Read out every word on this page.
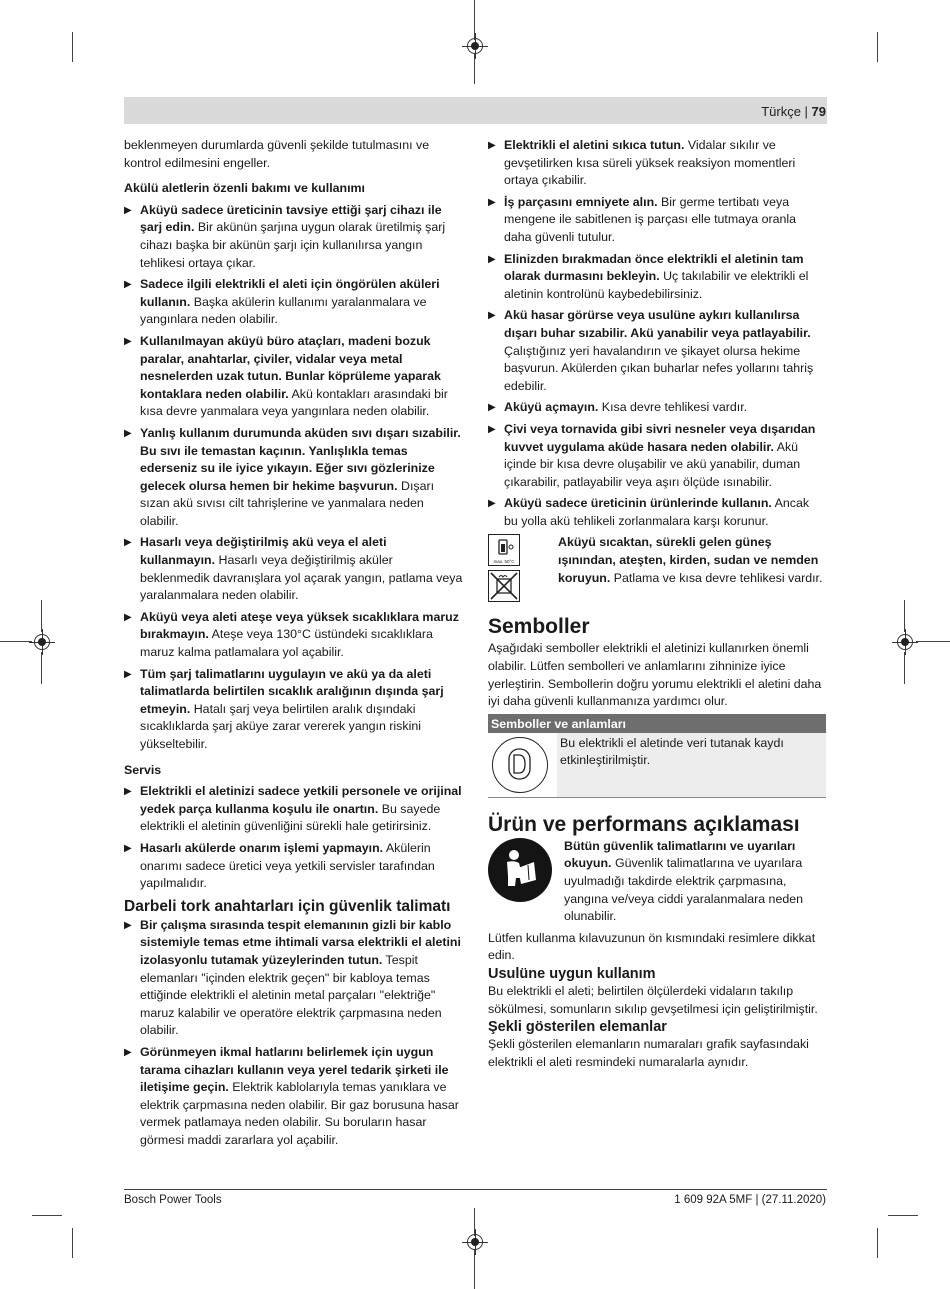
Türkçe | 79

beklenmeyen durumlarda güvenli şekilde tutulmasını ve kontrol edilmesini engeller.

Akülü aletlerin özenli bakımı ve kullanımı

▶ Aküyü sadece üreticinin tavsiye ettiği şarj cihazı ile şarj edin. Bir akünün şarjına uygun olarak üretilmiş şarj cihazı başka bir akünün şarjı için kullanılırsa yangın tehlikesi ortaya çıkar.
▶ Sadece ilgili elektrikli el aleti için öngörülen aküleri kullanın. Başka akülerin kullanımı yaralanmalara ve yangınlara neden olabilir.
▶ Kullanılmayan aküyü büro ataçları, madeni bozuk paralar, anahtarlar, çiviler, vidalar veya metal nesnelerden uzak tutun. Bunlar köprüleme yaparak kontaklara neden olabilir. Akü kontakları arasındaki bir kısa devre yanmalara veya yangınlara neden olabilir.
▶ Yanlış kullanım durumunda aküden sıvı dışarı sızabilir. Bu sıvı ile temastan kaçının. Yanlışlıkla temas ederseniz su ile iyice yıkayın. Eğer sıvı gözlerinize gelecek olursa hemen bir hekime başvurun. Dışarı sızan akü sıvısı cilt tahrişlerine ve yanmalara neden olabilir.
▶ Hasarlı veya değiştirilmiş akü veya el aleti kullanmayın. Hasarlı veya değiştirilmiş aküler beklenmedik davranışlara yol açarak yangın, patlama veya yaralanmalara neden olabilir.
▶ Aküyü veya aleti ateşe veya yüksek sıcaklıklara maruz bırakmayın. Ateşe veya 130°C üstündeki sıcaklıklara maruz kalma patlamalara yol açabilir.
▶ Tüm şarj talimatlarını uygulayın ve akü ya da aleti talimatlarda belirtilen sıcaklık aralığının dışında şarj etmeyin. Hatalı şarj veya belirtilen aralık dışındaki sıcaklıklarda şarj aküye zarar vererek yangın riskini yükseltebilir.

Servis

▶ Elektrikli el aletinizi sadece yetkili personele ve orijinal yedek parça kullanma koşulu ile onartın. Bu sayede elektrikli el aletinin güvenliğini sürekli hale getirirsiniz.
▶ Hasarlı akülerde onarım işlemi yapmayın. Akülerin onarımı sadece üretici veya yetkili servisler tarafından yapılmalıdır.

Darbeli tork anahtarları için güvenlik talimatı

▶ Bir çalışma sırasında tespit elemanının gizli bir kablo sistemiyle temas etme ihtimali varsa elektrikli el aletini izolasyonlu tutamak yüzeylerinden tutun. Tespit elemanları "içinden elektrik geçen" bir kabloya temas ettiğinde elektrikli el aletinin metal parçaları "elektriğe" maruz kalabilir ve operatöre elektrik çarpmasına neden olabilir.
▶ Görünmeyen ikmal hatlarını belirlemek için uygun tarama cihazları kullanın veya yerel tedarik şirketi ile iletişime geçin. Elektrik kablolarıyla temas yanıklara ve elektrik çarpmasına neden olabilir. Bir gaz borusuna hasar vermek patlamaya neden olabilir. Su boruların hasar görmesi maddi zararlara yol açabilir.
▶ Elektrikli el aletini sıkıca tutun. Vidalar sıkılır ve gevşetilirken kısa süreli yüksek reaksiyon momentleri ortaya çıkabilir.
▶ İş parçasını emniyete alın. Bir germe tertibatı veya mengene ile sabitlenen iş parçası elle tutmaya oranla daha güvenli tutulur.
▶ Elinizden bırakmadan önce elektrikli el aletinin tam olarak durmasını bekleyin. Uç takılabilir ve elektrikli el aletinin kontrolünü kaybedebilirsiniz.
▶ Akü hasar görürse veya usulüne aykırı kullanılırsa dışarı buhar sızabilir. Akü yanabilir veya patlayabilir. Çalıştığınız yeri havalandırın ve şikayet olursa hekime başvurun. Akülerden çıkan buharlar nefes yollarını tahriş edebilir.
▶ Aküyü açmayın. Kısa devre tehlikesi vardır.
▶ Çivi veya tornavida gibi sivri nesneler veya dışarıdan kuvvet uygulama aküde hasara neden olabilir. Akü içinde bir kısa devre oluşabilir ve akü yanabilir, duman çıkarabilir, patlayabilir veya aşırı ölçüde ısınabilir.
▶ Aküyü sadece üreticinin ürünlerinde kullanın. Ancak bu yolla akü tehlikeli zorlanmalara karşı korunur.
max. 50°C
Aküyü sıcaktan, sürekli gelen güneş ışınından, ateşten, kirden, sudan ve nemden koruyun. Patlama ve kısa devre tehlikesi vardır.

Semboller

Aşağıdaki semboller elektrikli el aletinizi kullanırken önemli olabilir. Lütfen sembolleri ve anlamlarını zihninize iyice yerleştirin. Sembollerin doğru yorumu elektrikli el aletini daha iyi daha güvenli kullanmanıza yardımcı olur.

Semboller ve anlamları
Bu elektrikli el aletinde veri tutanak kaydı etkinleştirilmiştir.

Ürün ve performans açıklaması

Bütün güvenlik talimatlarını ve uyarıları okuyun. Güvenlik talimatlarına ve uyarılara uyulmadığı takdirde elektrik çarpmasına, yangına ve/veya ciddi yaralanmalara neden olunabilir.

Lütfen kullanma kılavuzunun ön kısmındaki resimlere dikkat edin.

Usulüne uygun kullanım

Bu elektrikli el aleti; belirtilen ölçülerdeki vidaların takılıp sökülmesi, somunların sıkılıp gevşetilmesi için geliştirilmiştir.

Şekli gösterilen elemanlar

Şekli gösterilen elemanların numaraları grafik sayfasındaki elektrikli el aleti resmindeki numaralarla aynıdır.

Bosch Power Tools	1 609 92A 5MF | (27.11.2020)
